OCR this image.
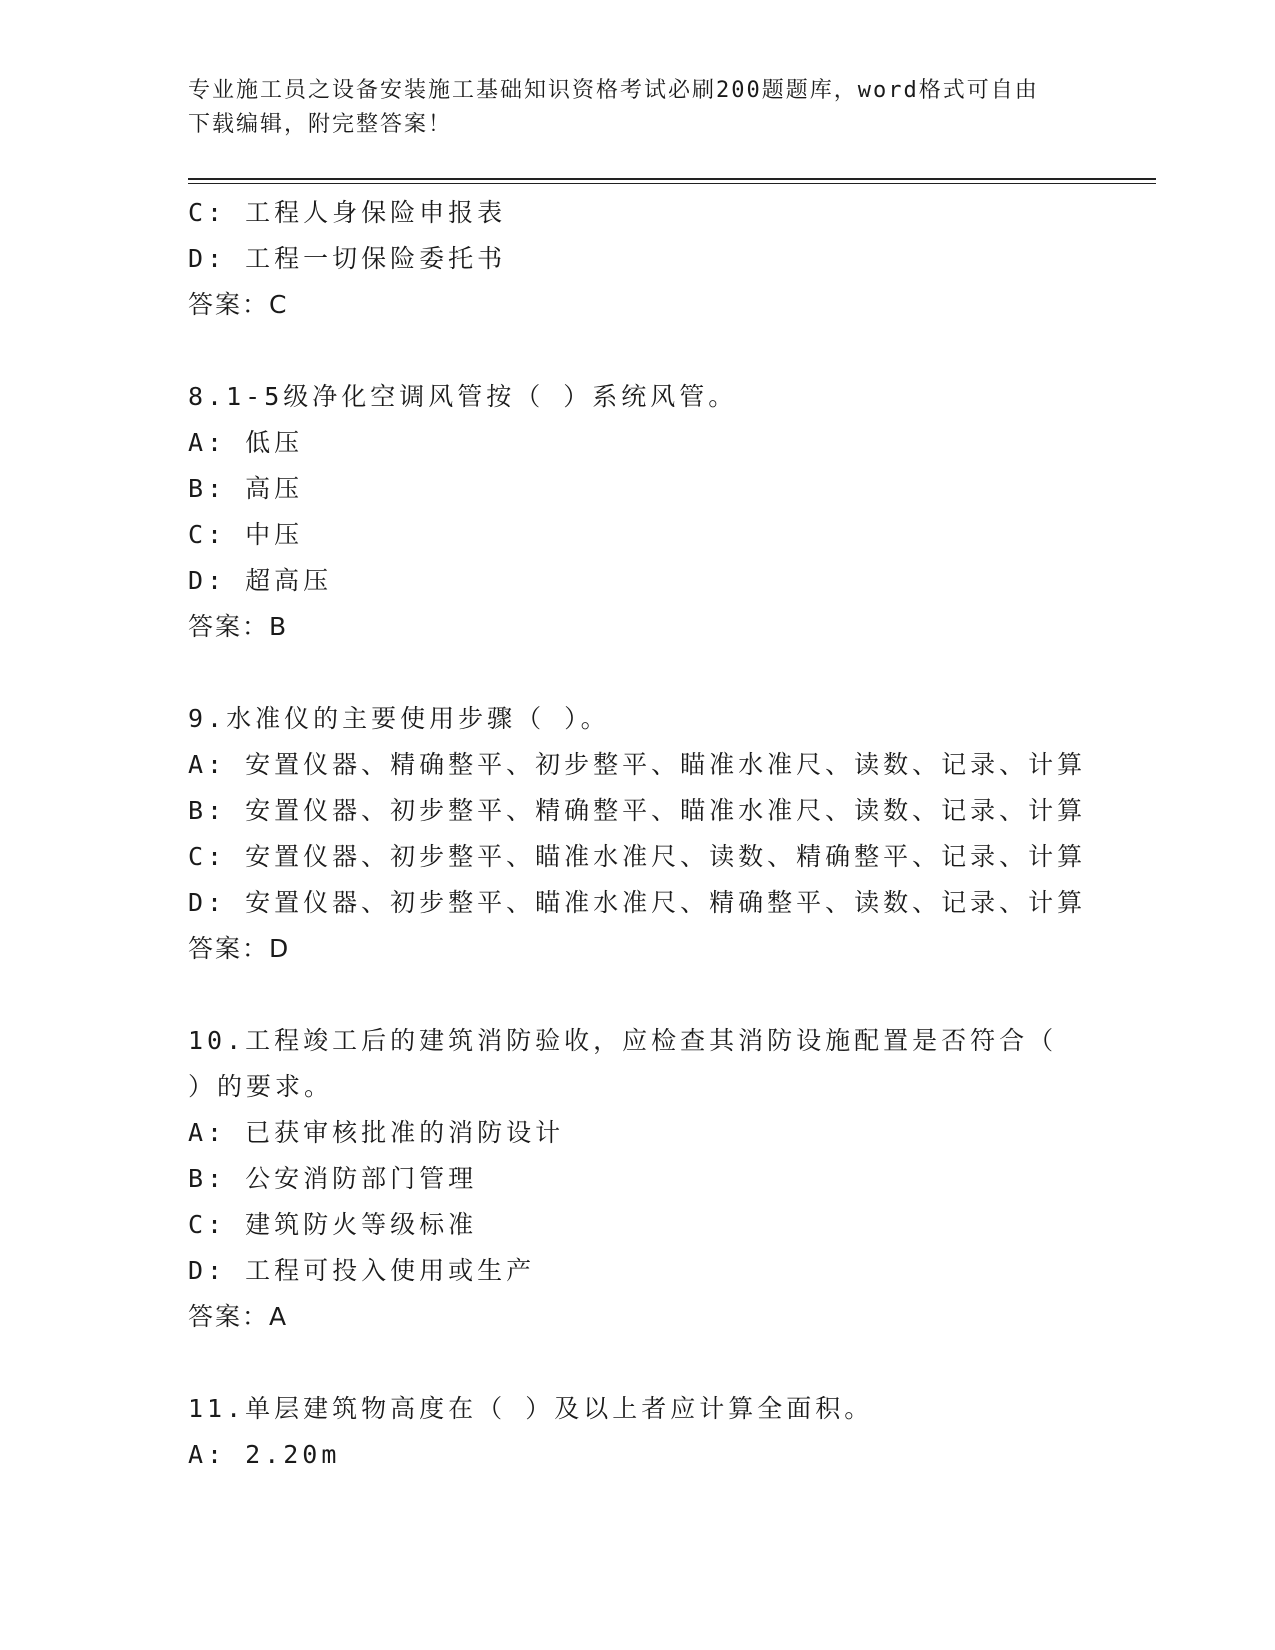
专业施工员之设备安装施工基础知识资格考试必刷200题题库，word格式可自由
下载编辑，附完整答案！
C: 工程人身保险申报表
D: 工程一切保险委托书
答案：C
8.1-5级净化空调风管按（ ）系统风管。
A: 低压
B: 高压
C: 中压
D: 超高压
答案：B
9.水准仪的主要使用步骤（ ）。
A: 安置仪器、精确整平、初步整平、瞄准水准尺、读数、记录、计算
B: 安置仪器、初步整平、精确整平、瞄准水准尺、读数、记录、计算
C: 安置仪器、初步整平、瞄准水准尺、读数、精确整平、记录、计算
D: 安置仪器、初步整平、瞄准水准尺、精确整平、读数、记录、计算
答案：D
10.工程竣工后的建筑消防验收，应检查其消防设施配置是否符合（
）的要求。
A: 已获审核批准的消防设计
B: 公安消防部门管理
C: 建筑防火等级标准
D: 工程可投入使用或生产
答案：A
11.单层建筑物高度在（ ）及以上者应计算全面积。
A: 2.20m
